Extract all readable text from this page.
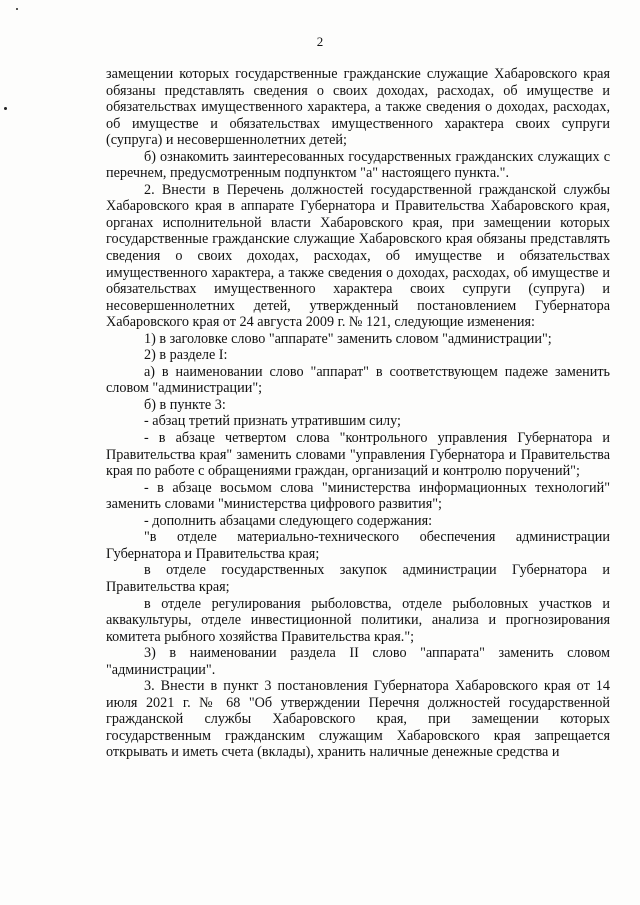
2

замещении которых государственные гражданские служащие Хабаровского края обязаны представлять сведения о своих доходах, расходах, об имуществе и обязательствах имущественного характера, а также сведения о доходах, расходах, об имуществе и обязательствах имущественного характера своих супруги (супруга) и несовершеннолетних детей;

б) ознакомить заинтересованных государственных гражданских служащих с перечнем, предусмотренным подпунктом "а" настоящего пункта.".

2. Внести в Перечень должностей государственной гражданской службы Хабаровского края в аппарате Губернатора и Правительства Хабаровского края, органах исполнительной власти Хабаровского края, при замещении которых государственные гражданские служащие Хабаровского края обязаны представлять сведения о своих доходах, расходах, об имуществе и обязательствах имущественного характера, а также сведения о доходах, расходах, об имуществе и обязательствах имущественного характера своих супруги (супруга) и несовершеннолетних детей, утвержденный постановлением Губернатора Хабаровского края от 24 августа 2009 г. № 121, следующие изменения:

1) в заголовке слово "аппарате" заменить словом "администрации";

2) в разделе I:

а) в наименовании слово "аппарат" в соответствующем падеже заменить словом "администрации";

б) в пункте 3:

- абзац третий признать утратившим силу;

- в абзаце четвертом слова "контрольного управления Губернатора и Правительства края" заменить словами "управления Губернатора и Правительства края по работе с обращениями граждан, организаций и контролю поручений";

- в абзаце восьмом слова "министерства информационных технологий" заменить словами "министерства цифрового развития";

- дополнить абзацами следующего содержания:

"в отделе материально-технического обеспечения администрации Губернатора и Правительства края;

в отделе государственных закупок администрации Губернатора и Правительства края;

в отделе регулирования рыболовства, отделе рыболовных участков и аквакультуры, отделе инвестиционной политики, анализа и прогнозирования комитета рыбного хозяйства Правительства края.";

3) в наименовании раздела II слово "аппарата" заменить словом "администрации".

3. Внести в пункт 3 постановления Губернатора Хабаровского края от 14 июля 2021 г. № 68 "Об утверждении Перечня должностей государственной гражданской службы Хабаровского края, при замещении которых государственным гражданским служащим Хабаровского края запрещается открывать и иметь счета (вклады), хранить наличные денежные средства и
